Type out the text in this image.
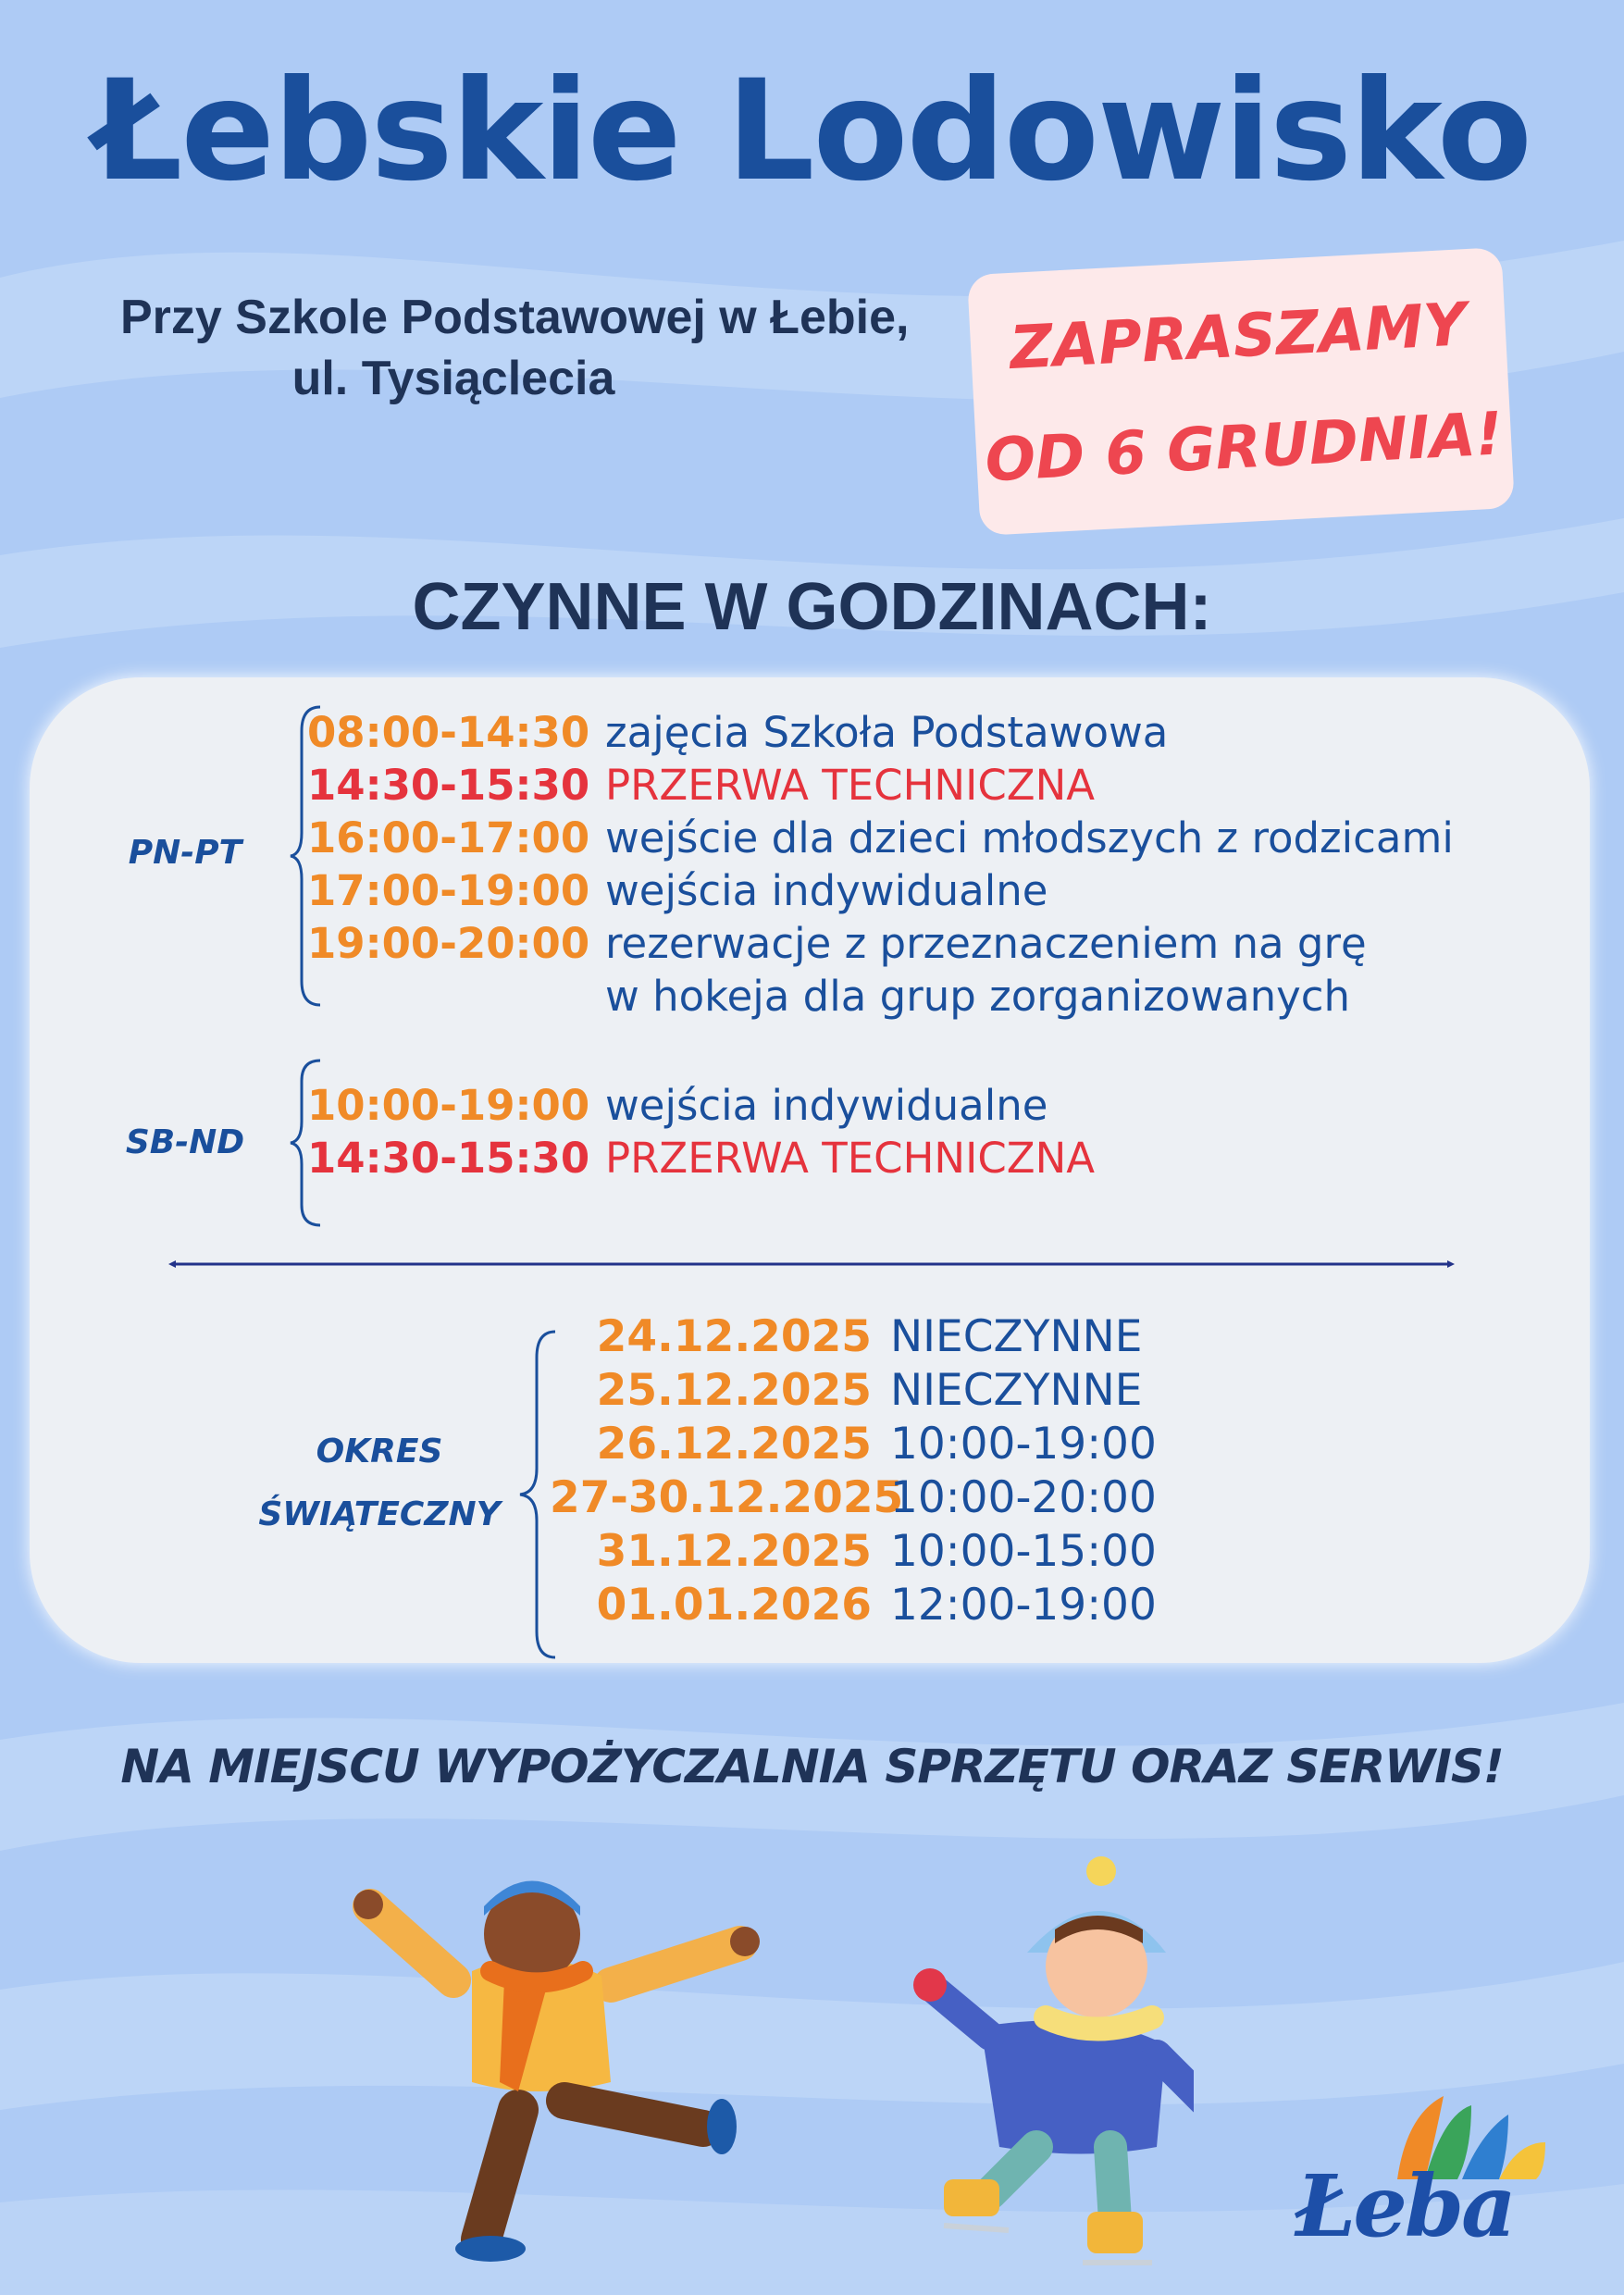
Łebskie Lodowisko
Przy Szkole Podstawowej w Łebie,
ul. Tysiąclecia	ZAPRASZAMY
OD 6 GRUDNIA!
CZYNNE W GODZINACH:
PN-PT
08:00-14:30 zajęcia Szkoła Podstawowa
14:30-15:30 PRZERWA TECHNICZNA
16:00-17:00 wejście dla dzieci młodszych z rodzicami
17:00-19:00 wejścia indywidualne
19:00-20:00 rezerwacje z przeznaczeniem na grę
w hokeja dla grup zorganizowanych
SB-ND
10:00-19:00 wejścia indywidualne
14:30-15:30 PRZERWA TECHNICZNA
OKRES
ŚWIĄTECZNY
24.12.2025 NIECZYNNE
25.12.2025 NIECZYNNE
26.12.2025 10:00-19:00
27-30.12.2025
10:00-20:00
31.12.2025 10:00-15:00
01.01.2026 12:00-19:00
NA MIEJSCU WYPOŻYCZALNIA SPRZĘTU ORAZ SERWIS!
Łeba
